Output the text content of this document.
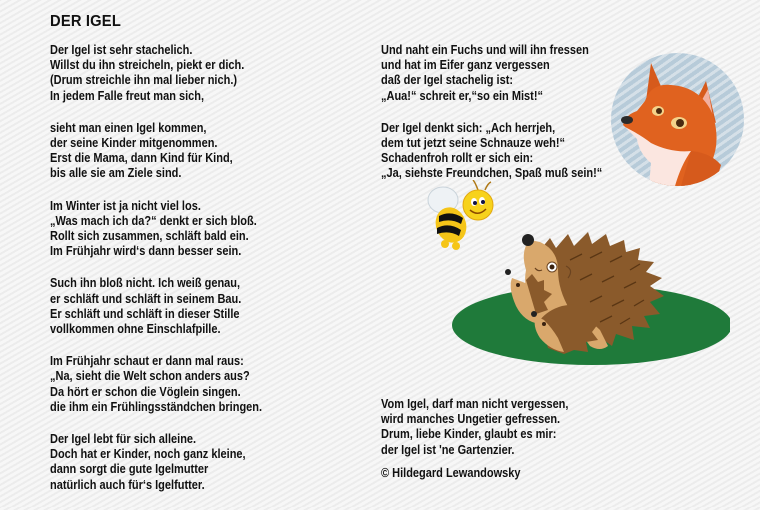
DER IGEL
Der Igel ist sehr stachelich.
Willst du ihn streicheln, piekt er dich.
(Drum streichle ihn mal lieber nich.)
In jedem Falle freut man sich,
sieht man einen Igel kommen,
der seine Kinder mitgenommen.
Erst die Mama, dann Kind für Kind,
bis alle sie am Ziele sind.
Im Winter ist ja nicht viel los.
„Was mach ich da?“ denkt er sich bloß.
Rollt sich zusammen, schläft bald ein.
Im Frühjahr wird‘s dann besser sein.
Such ihn bloß nicht. Ich weiß genau,
er schläft und schläft in seinem Bau.
Er schläft und schläft in dieser Stille
vollkommen ohne Einschlafpille.
Im Frühjahr schaut er dann mal raus:
„Na, sieht die Welt schon anders aus?
Da hört er schon die Vöglein singen.
die ihm ein Frühlingsständchen bringen.
Der Igel lebt für sich alleine.
Doch hat er Kinder, noch ganz kleine,
dann sorgt die gute Igelmutter
natürlich auch für‘s Igelfutter.
Und naht ein Fuchs und will ihn fressen
und hat im Eifer ganz vergessen
daß der Igel stachelig ist:
„Aua!“ schreit er,“so ein Mist!“
Der Igel denkt sich: „Ach herrjeh,
dem tut jetzt seine Schnauze weh!“
Schadenfroh rollt er sich ein:
„Ja, siehste Freundchen, Spaß muß sein!“
Vom Igel, darf man nicht vergessen,
wird manches Ungetier gefressen.
Drum, liebe Kinder, glaubt es mir:
der Igel ist 'ne Gartenzier.
© Hildegard Lewandowsky
